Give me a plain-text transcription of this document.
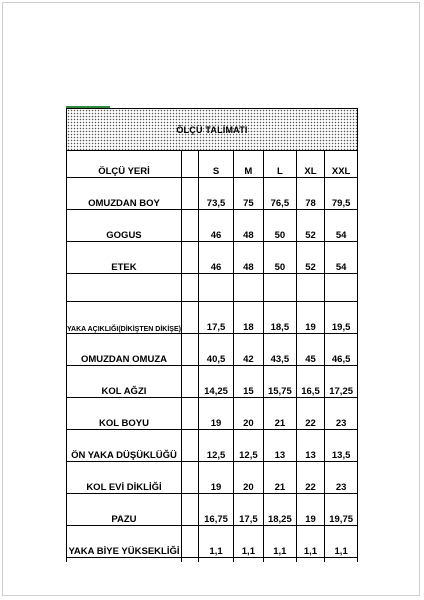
ÖLÇÜ TALİMATI
ÖLÇÜ YERİ		S	M	L	XL	XXL
OMUZDAN BOY		73,5	75	76,5	78	79,5
GOGUS		46	48	50	52	54
ETEK		46	48	50	52	54

YAKA AÇIKLIĞI(DİKİŞTEN DİKİŞE)		17,5	18	18,5	19	19,5
OMUZDAN OMUZA		40,5	42	43,5	45	46,5
KOL AĞZI		14,25	15	15,75	16,5	17,25
KOL BOYU		19	20	21	22	23
ÖN YAKA DÜŞÜKLÜĞÜ		12,5	12,5	13	13	13,5
KOL EVİ DİKLİĞİ		19	20	21	22	23
PAZU		16,75	17,5	18,25	19	19,75
YAKA BİYE YÜKSEKLİĞİ		1,1	1,1	1,1	1,1	1,1
